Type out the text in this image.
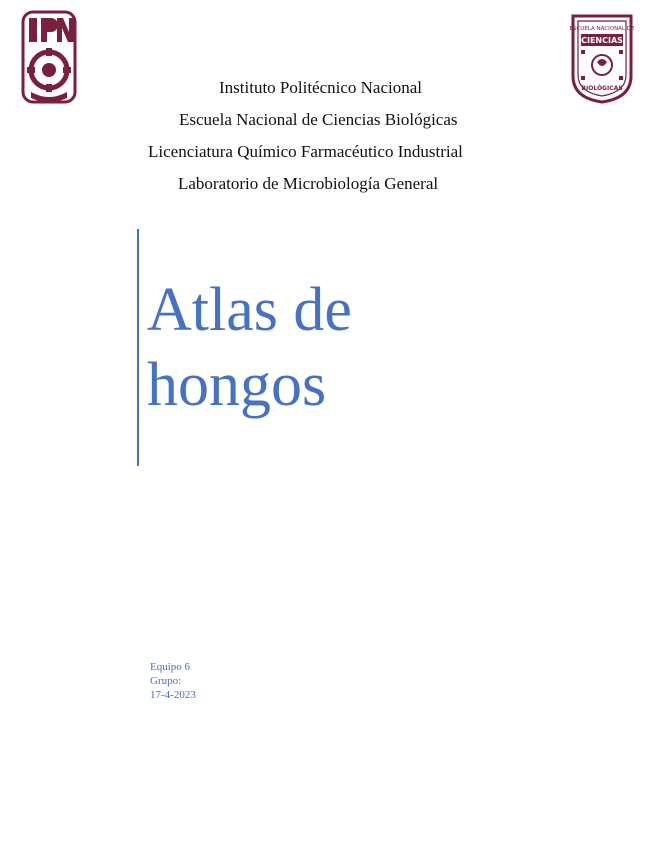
ESCUELA NACIONAL DE
CIENCIAS
BIOLÓGICAS
Instituto Politécnico Nacional
Escuela Nacional de Ciencias Biológicas
Licenciatura Químico Farmacéutico Industrial
Laboratorio de Microbiología General
Atlas de
hongos
Equipo 6
Grupo:
17-4-2023
